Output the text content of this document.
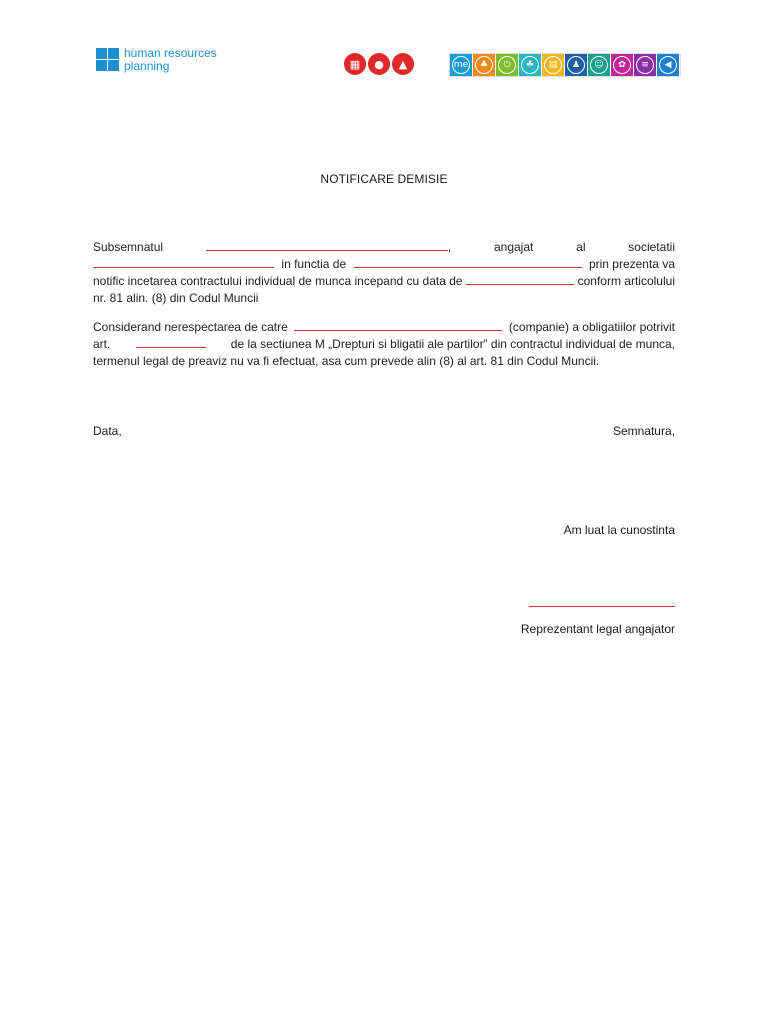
human resources
planning	▦	●	▲	me	♣	⏻	☘	▤	♟	☺	✿	≡	◀
NOTIFICARE DEMISIE
Subsemnatul	,	angajat	al	societatii
in functia de	prin prezenta va
notific incetarea contractului individual de munca incepand cu data de	conform articolului
nr. 81 alin. (8) din Codul Muncii
Considerand nerespectarea de catre	(companie) a obligatiilor potrivit
art.	de la sectiunea M „Drepturi si bligatii ale partilor” din contractul individual de munca,
termenul legal de preaviz nu va fi efectuat, asa cum prevede alin (8) al art. 81 din Codul Muncii.
Data,	Semnatura,
Am luat la cunostinta
Reprezentant legal angajator
